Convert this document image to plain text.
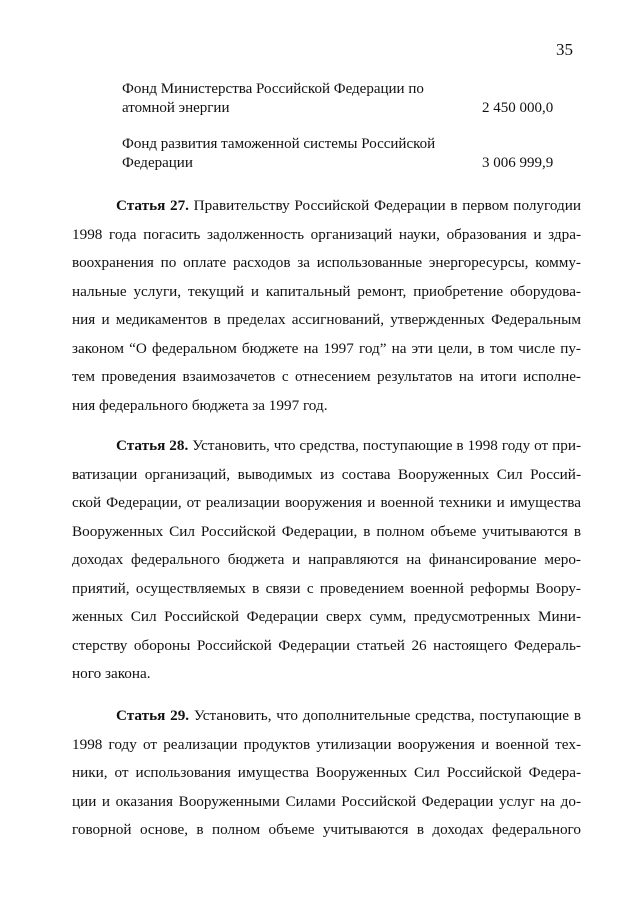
35
Фонд Министерства Российской Федерации по
атомной энергии	2 450 000,0
Фонд развития таможенной системы Российской
Федерации	3 006 999,9
Статья 27. Правительству Российской Федерации в первом полугодии
1998 года погасить задолженность организаций науки, образования и здра-
воохранения по оплате расходов за использованные энергоресурсы, комму-
нальные услуги, текущий и капитальный ремонт, приобретение оборудова-
ния и медикаментов в пределах ассигнований, утвержденных Федеральным
законом “О федеральном бюджете на 1997 год” на эти цели, в том числе пу-
тем проведения взаимозачетов с отнесением результатов на итоги исполне-
ния федерального бюджета за 1997 год.
Статья 28. Установить, что средства, поступающие в 1998 году от при-
ватизации организаций, выводимых из состава Вооруженных Сил Россий-
ской Федерации, от реализации вооружения и военной техники и имущества
Вооруженных Сил Российской Федерации, в полном объеме учитываются в
доходах федерального бюджета и направляются на финансирование меро-
приятий, осуществляемых в связи с проведением военной реформы Воору-
женных Сил Российской Федерации сверх сумм, предусмотренных Мини-
стерству обороны Российской Федерации статьей 26 настоящего Федераль-
ного закона.
Статья 29. Установить, что дополнительные средства, поступающие в
1998 году от реализации продуктов утилизации вооружения и военной тех-
ники, от использования имущества Вооруженных Сил Российской Федера-
ции и оказания Вооруженными Силами Российской Федерации услуг на до-
говорной основе, в полном объеме учитываются в доходах федерального
